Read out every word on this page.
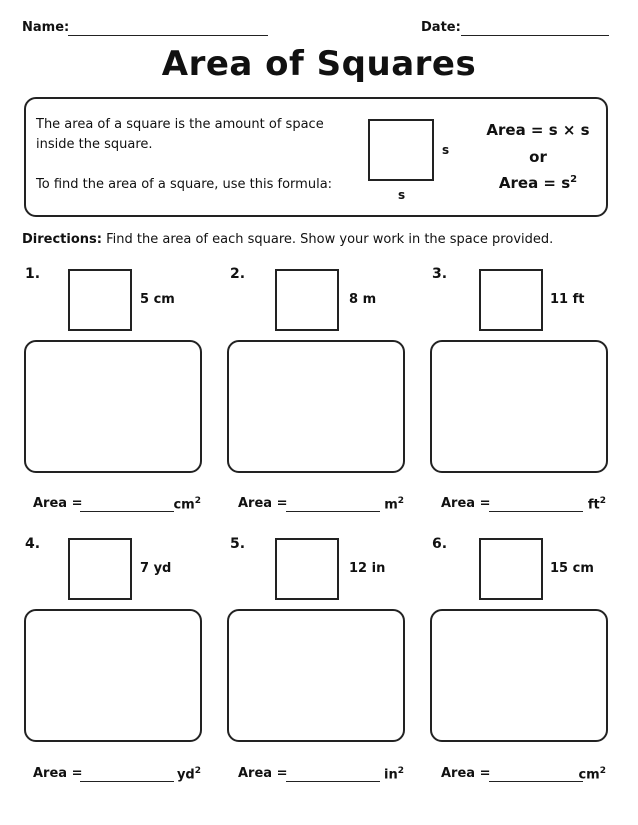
Name:	Date:
Area of Squares
The area of a square is the amount of space
inside the square.
To find the area of a square, use this formula:
s
s
Area = s × s
or
Area = $s^2$
Directions: Find the area of each square. Show your work in the space provided.
1.
5 cm
Area =	$cm^2$
2.
8 m
Area =	$m^2$
3.
11 ft
Area =	$ft^2$
4.
7 yd
Area =	$yd^2$
5.
12 in
Area =	$in^2$
6.
15 cm
Area =	$cm^2$
